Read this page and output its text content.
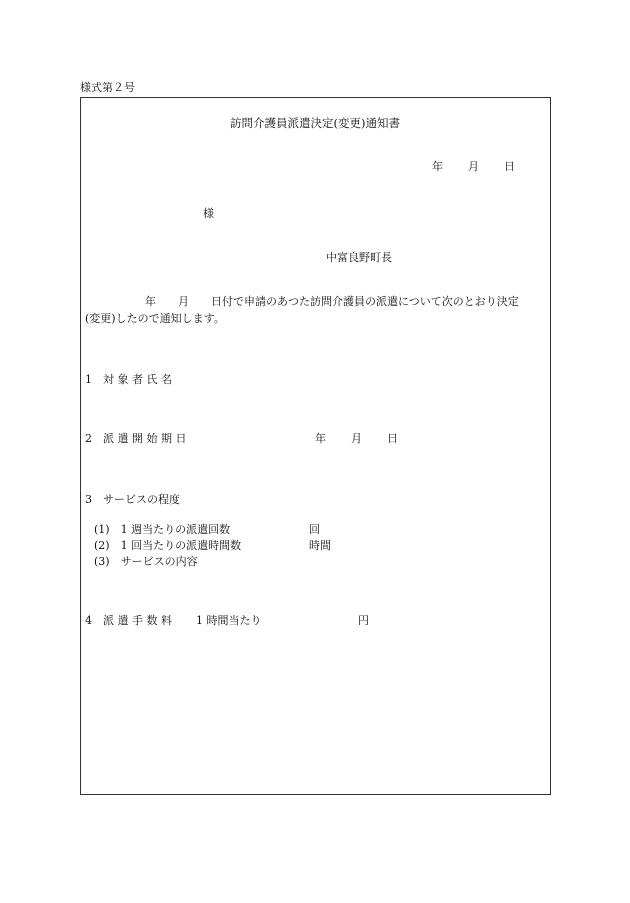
様式第２号
訪問介護員派遣決定(変更)通知書
年 月 日
様
中富良野町長
年 月 日付で申請のあつた訪問介護員の派遣について次のとおり決定
(変更)したので通知します。
1　対 象 者 氏 名
2　派 遣 開 始 期 日	年 月 日
3　サービスの程度
(1)　1 週当たりの派遣回数	回
(2)　1 回当たりの派遣時間数	時間
(3)　サービスの内容
4　派 遣 手 数 料 1 時間当たり	円
